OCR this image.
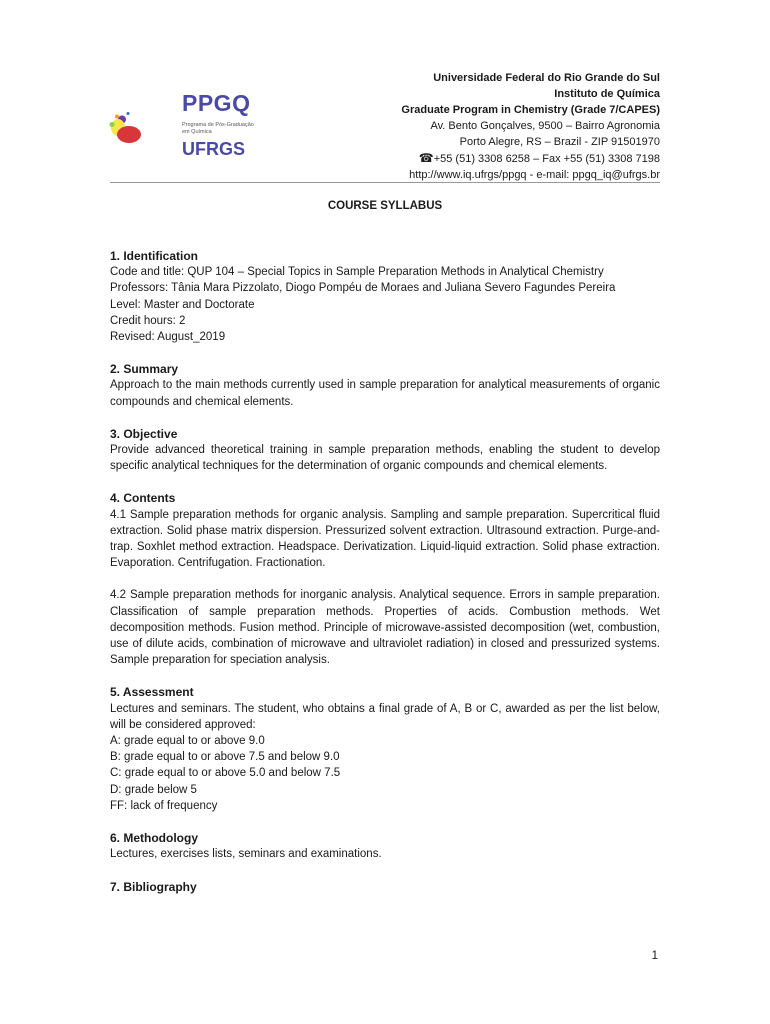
PPGQ
Programa de Pós-Graduação em Química
UFRGS
Universidade Federal do Rio Grande do Sul
Instituto de Química
Graduate Program in Chemistry (Grade 7/CAPES)
Av. Bento Gonçalves, 9500 – Bairro Agronomia
Porto Alegre, RS – Brazil - ZIP 91501970
☎+55 (51) 3308 6258 – Fax +55 (51) 3308 7198
http://www.iq.ufrgs/ppgq - e-mail: ppgq_iq@ufrgs.br
COURSE SYLLABUS
1. Identification

Code and title: QUP 104 – Special Topics in Sample Preparation Methods in Analytical Chemistry

Professors: Tânia Mara Pizzolato, Diogo Pompéu de Moraes and Juliana Severo Fagundes Pereira

Level: Master and Doctorate

Credit hours: 2

Revised: August_2019

2. Summary

Approach to the main methods currently used in sample preparation for analytical measurements of organic compounds and chemical elements.

3. Objective

Provide advanced theoretical training in sample preparation methods, enabling the student to develop specific analytical techniques for the determination of organic compounds and chemical elements.

4. Contents

4.1 Sample preparation methods for organic analysis. Sampling and sample preparation. Supercritical fluid extraction. Solid phase matrix dispersion. Pressurized solvent extraction. Ultrasound extraction. Purge-and-trap. Soxhlet method extraction. Headspace. Derivatization. Liquid-liquid extraction. Solid phase extraction. Evaporation. Centrifugation. Fractionation.

4.2 Sample preparation methods for inorganic analysis. Analytical sequence. Errors in sample preparation. Classification of sample preparation methods. Properties of acids. Combustion methods. Wet decomposition methods. Fusion method. Principle of microwave-assisted decomposition (wet, combustion, use of dilute acids, combination of microwave and ultraviolet radiation) in closed and pressurized systems. Sample preparation for speciation analysis.

5. Assessment

Lectures and seminars. The student, who obtains a final grade of A, B or C, awarded as per the list below, will be considered approved:

A: grade equal to or above 9.0

B: grade equal to or above 7.5 and below 9.0

C: grade equal to or above 5.0 and below 7.5

D: grade below 5

FF: lack of frequency

6. Methodology

Lectures, exercises lists, seminars and examinations.

7. Bibliography
1
